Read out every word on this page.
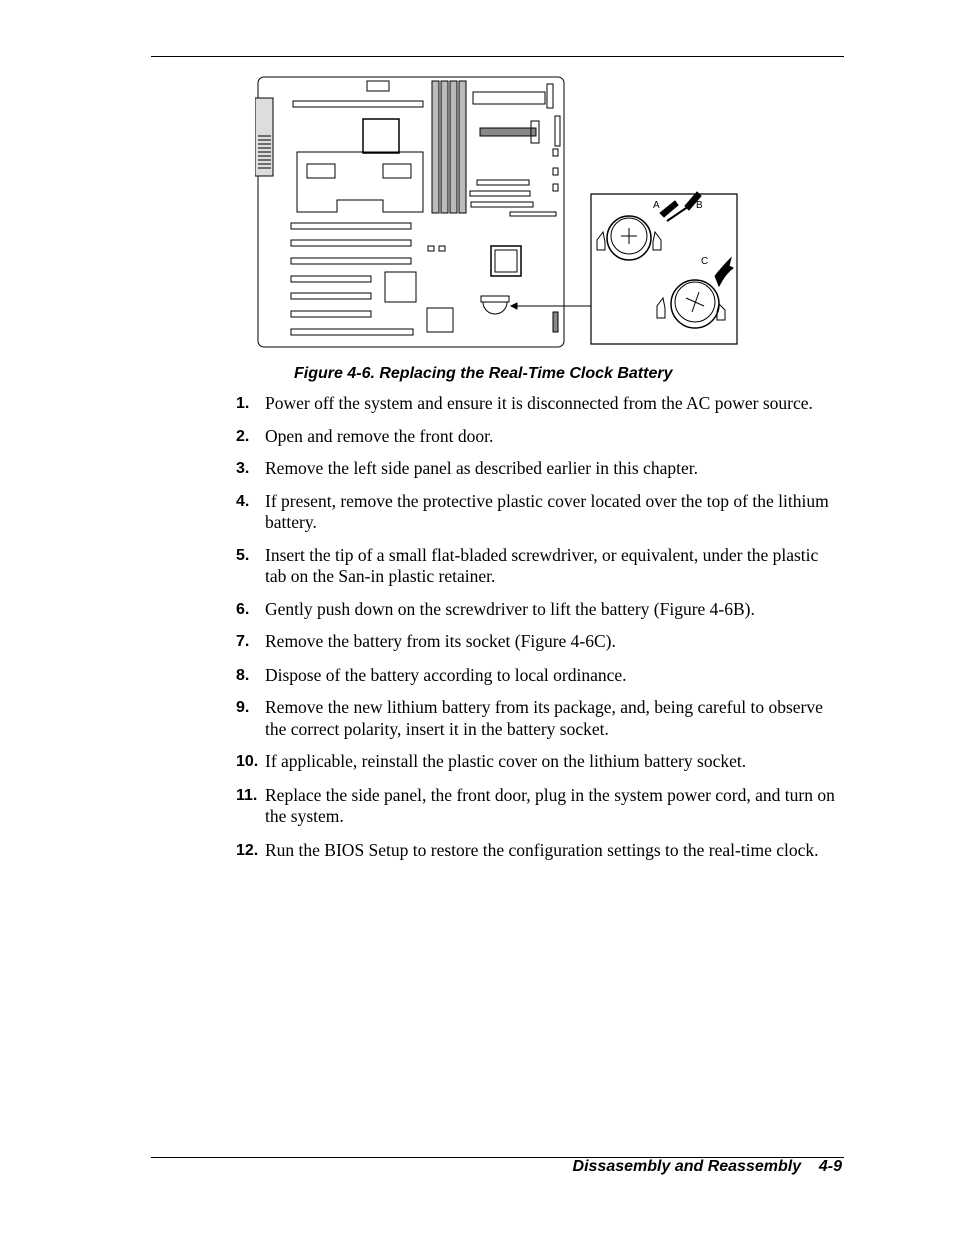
A	B
C
Figure 4-6. Replacing the Real-Time Clock Battery
1. Power off the system and ensure it is disconnected from the AC power source.
2. Open and remove the front door.
3. Remove the left side panel as described earlier in this chapter.
4. If present, remove the protective plastic cover located over the top of the lithium battery.
5. Insert the tip of a small flat-bladed screwdriver, or equivalent, under the plastic tab on the San-in plastic retainer.
6. Gently push down on the screwdriver to lift the battery (Figure 4-6B).
7. Remove the battery from its socket (Figure 4-6C).
8. Dispose of the battery according to local ordinance.
9. Remove the new lithium battery from its package, and, being careful to observe the correct polarity, insert it in the battery socket.
10. If applicable, reinstall the plastic cover on the lithium battery socket.
11. Replace the side panel, the front door, plug in the system power cord, and turn on the system.
12. Run the BIOS Setup to restore the configuration settings to the real-time clock.
Dissasembly and Reassembly 4-9
